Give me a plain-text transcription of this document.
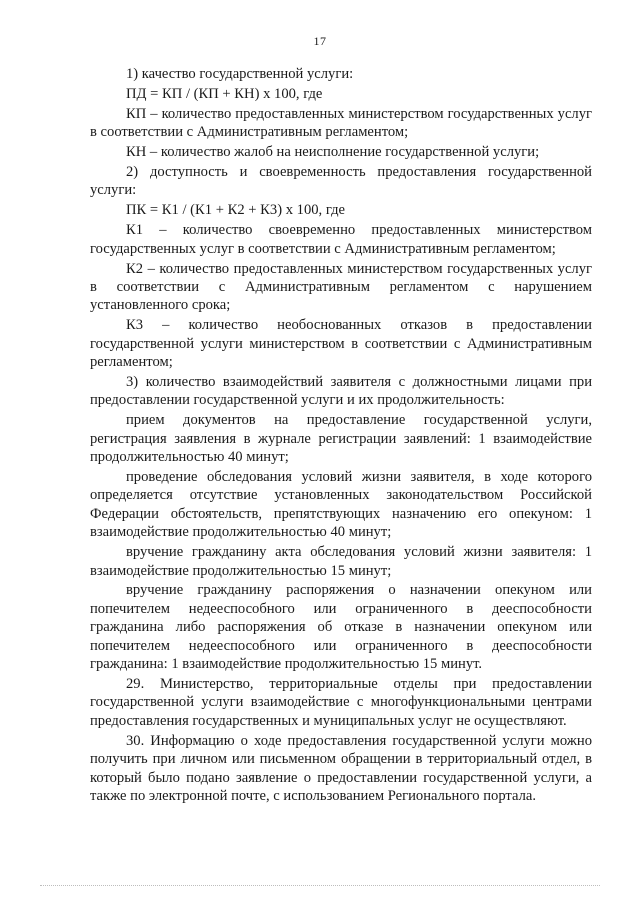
17

1) качество государственной услуги:

ПД = КП / (КП + КН) х 100, где

КП – количество предоставленных министерством государственных услуг в соответствии с Административным регламентом;

КН – количество жалоб на неисполнение государственной услуги;

2) доступность и своевременность предоставления государственной услуги:

ПК = К1 / (К1 + К2 + К3) х 100, где

К1 – количество своевременно предоставленных министерством государственных услуг в соответствии с Административным регламентом;

К2 – количество предоставленных министерством государственных услуг в соответствии с Административным регламентом с нарушением установленного срока;

К3 – количество необоснованных отказов в предоставлении государственной услуги министерством в соответствии с Административным регламентом;

3) количество взаимодействий заявителя с должностными лицами при предоставлении государственной услуги и их продолжительность:

прием документов на предоставление государственной услуги, регистрация заявления в журнале регистрации заявлений: 1 взаимодействие продолжительностью 40 минут;

проведение обследования условий жизни заявителя, в ходе которого определяется отсутствие установленных законодательством Российской Федерации обстоятельств, препятствующих назначению его опекуном: 1 взаимодействие продолжительностью 40 минут;

вручение гражданину акта обследования условий жизни заявителя: 1 взаимодействие продолжительностью 15 минут;

вручение гражданину распоряжения о назначении опекуном или попечителем недееспособного или ограниченного в дееспособности гражданина либо распоряжения об отказе в назначении опекуном или попечителем недееспособного или ограниченного в дееспособности гражданина: 1 взаимодействие продолжительностью 15 минут.

29. Министерство, территориальные отделы при предоставлении государственной услуги взаимодействие с многофункциональными центрами предоставления государственных и муниципальных услуг не осуществляют.

30. Информацию о ходе предоставления государственной услуги можно получить при личном или письменном обращении в территориальный отдел, в который было подано заявление о предоставлении государственной услуги, а также по электронной почте, с использованием Регионального портала.
